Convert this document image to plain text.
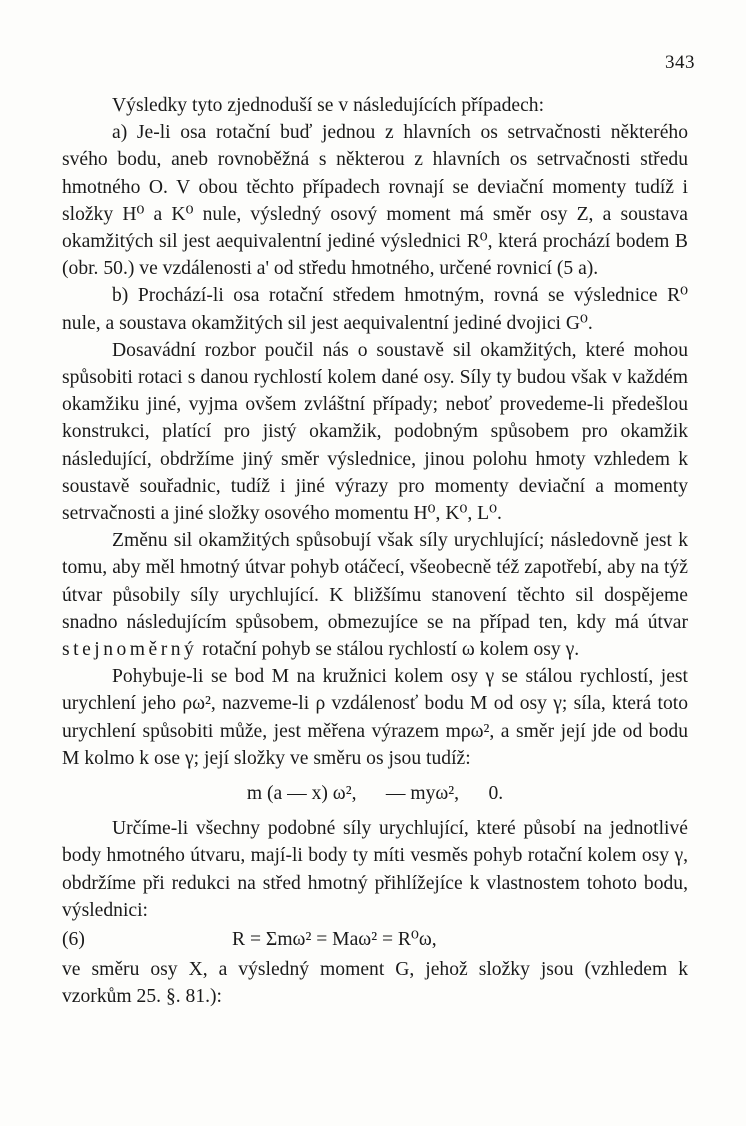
343

Výsledky tyto zjednoduší se v následujících případech:

a) Je-li osa rotační buď jednou z hlavních os setrvačnosti některého svého bodu, aneb rovnoběžná s některou z hlavních os setrvačnosti středu hmotného O. V obou těchto případech rovnají se deviační momenty tudíž i složky H⁰ a K⁰ nule, výsledný osový moment má směr osy Z, a soustava okamžitých sil jest aequivalentní jediné výslednici R⁰, která prochází bodem B (obr. 50.) ve vzdálenosti a' od středu hmotného, určené rovnicí (5 a).

b) Prochází-li osa rotační středem hmotným, rovná se výslednice R⁰ nule, a soustava okamžitých sil jest aequivalentní jediné dvojici G⁰.

Dosavádní rozbor poučil nás o soustavě sil okamžitých, které mohou spůsobiti rotaci s danou rychlostí kolem dané osy. Síly ty budou však v každém okamžiku jiné, vyjma ovšem zvláštní případy; neboť provedeme-li předešlou konstrukci, platící pro jistý okamžik, podobným spůsobem pro okamžik následující, obdržíme jiný směr výslednice, jinou polohu hmoty vzhledem k soustavě souřadnic, tudíž i jiné výrazy pro momenty deviační a momenty setrvačnosti a jiné složky osového momentu H⁰, K⁰, L⁰.

Změnu sil okamžitých spůsobují však síly urychlující; následovně jest k tomu, aby měl hmotný útvar pohyb otáčecí, všeobecně též zapotřebí, aby na týž útvar působily síly urychlující. K bližšímu stanovení těchto sil dospějeme snadno následujícím spůsobem, obmezujíce se na případ ten, kdy má útvar stejnoměrný rotační pohyb se stálou rychlostí ω kolem osy γ.

Pohybuje-li se bod M na kružnici kolem osy γ se stálou rychlostí, jest urychlení jeho ρω², nazveme-li ρ vzdálenosť bodu M od osy γ; síla, která toto urychlení spůsobiti může, jest měřena výrazem mρω², a směr její jde od bodu M kolmo k ose γ; její složky ve směru os jsou tudíž:

m (a — x) ω²,      — myω²,      0.

Určíme-li všechny podobné síly urychlující, které působí na jednotlivé body hmotného útvaru, mají-li body ty míti vesměs pohyb rotační kolem osy γ, obdržíme při redukci na střed hmotný přihlížejíce k vlastnostem tohoto bodu, výslednici:

(6)	R = Σmω² = Maω² = R⁰ω,

ve směru osy X, a výsledný moment G, jehož složky jsou (vzhledem k vzorkům 25. §. 81.):
